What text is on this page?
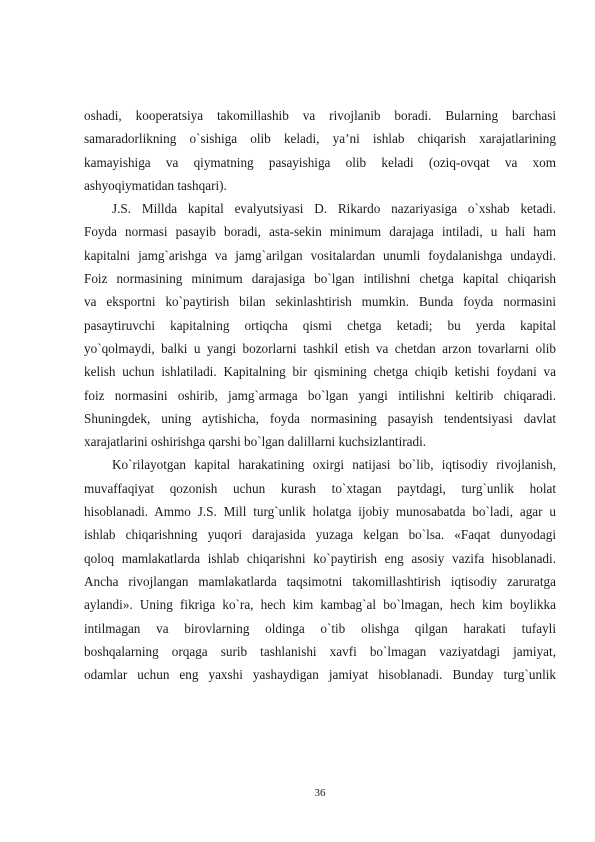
oshadi, kooperatsiya takomillashib va rivojlanib boradi. Bularning barchasi
samaradorlikning o`sishiga olib keladi, ya’ni ishlab chiqarish xarajatlarining
kamayishiga va qiymatning pasayishiga olib keladi (oziq-ovqat va xom
ashyoqiymatidan tashqari).
J.S. Millda kapital evalyutsiyasi D. Rikardo nazariyasiga o`xshab ketadi.
Foyda normasi pasayib boradi, asta-sekin minimum darajaga intiladi, u hali ham
kapitalni jamg`arishga va jamg`arilgan vositalardan unumli foydalanishga undaydi.
Foiz normasining minimum darajasiga bo`lgan intilishni chetga kapital chiqarish
va eksportni ko`paytirish bilan sekinlashtirish mumkin. Bunda foyda normasini
pasaytiruvchi kapitalning ortiqcha qismi chetga ketadi; bu yerda kapital
yo`qolmaydi, balki u yangi bozorlarni tashkil etish va chetdan arzon tovarlarni olib
kelish uchun ishlatiladi. Kapitalning bir qismining chetga chiqib ketishi foydani va
foiz normasini oshirib, jamg`armaga bo`lgan yangi intilishni keltirib chiqaradi.
Shuningdek, uning aytishicha, foyda normasining pasayish tendentsiyasi davlat
xarajatlarini oshirishga qarshi bo`lgan dalillarni kuchsizlantiradi.
Ko`rilayotgan kapital harakatining oxirgi natijasi bo`lib, iqtisodiy rivojlanish,
muvaffaqiyat qozonish uchun kurash to`xtagan paytdagi, turg`unlik holat
hisoblanadi. Ammo J.S. Mill turg`unlik holatga ijobiy munosabatda bo`ladi, agar u
ishlab chiqarishning yuqori darajasida yuzaga kelgan bo`lsa. «Faqat dunyodagi
qoloq mamlakatlarda ishlab chiqarishni ko`paytirish eng asosiy vazifa hisoblanadi.
Ancha rivojlangan mamlakatlarda taqsimotni takomillashtirish iqtisodiy zaruratga
aylandi». Uning fikriga ko`ra, hech kim kambag`al bo`lmagan, hech kim boylikka
intilmagan va birovlarning oldinga o`tib olishga qilgan harakati tufayli
boshqalarning orqaga surib tashlanishi xavfi bo`lmagan vaziyatdagi jamiyat,
odamlar uchun eng yaxshi yashaydigan jamiyat hisoblanadi. Bunday turg`unlik
36
